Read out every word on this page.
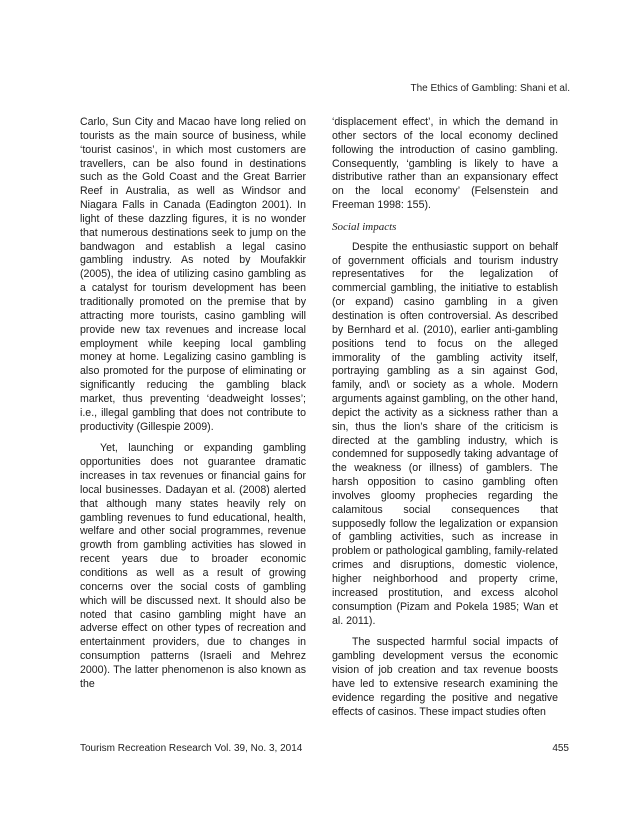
The Ethics of Gambling: Shani et al.

Carlo, Sun City and Macao have long relied on tourists as the main source of business, while ‘tourist casinos’, in which most customers are travellers, can be also found in destinations such as the Gold Coast and the Great Barrier Reef in Australia, as well as Windsor and Niagara Falls in Canada (Eadington 2001). In light of these dazzling figures, it is no wonder that numerous destinations seek to jump on the bandwagon and establish a legal casino gambling industry. As noted by Moufakkir (2005), the idea of utilizing casino gambling as a catalyst for tourism development has been traditionally promoted on the premise that by attracting more tourists, casino gambling will provide new tax revenues and increase local employment while keeping local gambling money at home. Legalizing casino gambling is also promoted for the purpose of eliminating or significantly reducing the gambling black market, thus preventing ‘deadweight losses’; i.e., illegal gambling that does not contribute to productivity (Gillespie 2009).

Yet, launching or expanding gambling opportunities does not guarantee dramatic increases in tax revenues or financial gains for local businesses. Dadayan et al. (2008) alerted that although many states heavily rely on gambling revenues to fund educational, health, welfare and other social programmes, revenue growth from gambling activities has slowed in recent years due to broader economic conditions as well as a result of growing concerns over the social costs of gambling which will be discussed next. It should also be noted that casino gambling might have an adverse effect on other types of recreation and entertainment providers, due to changes in consumption patterns (Israeli and Mehrez 2000). The latter phenomenon is also known as the

‘displacement effect’, in which the demand in other sectors of the local economy declined following the introduction of casino gambling. Consequently, ‘gambling is likely to have a distributive rather than an expansionary effect on the local economy’ (Felsenstein and Freeman 1998: 155).

Social impacts

Despite the enthusiastic support on behalf of government officials and tourism industry representatives for the legalization of commercial gambling, the initiative to establish (or expand) casino gambling in a given destination is often controversial. As described by Bernhard et al. (2010), earlier anti-gambling positions tend to focus on the alleged immorality of the gambling activity itself, portraying gambling as a sin against God, family, and\ or society as a whole. Modern arguments against gambling, on the other hand, depict the activity as a sickness rather than a sin, thus the lion’s share of the criticism is directed at the gambling industry, which is condemned for supposedly taking advantage of the weakness (or illness) of gamblers. The harsh opposition to casino gambling often involves gloomy prophecies regarding the calamitous social consequences that supposedly follow the legalization or expansion of gambling activities, such as increase in problem or pathological gambling, family-related crimes and disruptions, domestic violence, higher neighborhood and property crime, increased prostitution, and excess alcohol consumption (Pizam and Pokela 1985; Wan et al. 2011).

The suspected harmful social impacts of gambling development versus the economic vision of job creation and tax revenue boosts have led to extensive research examining the evidence regarding the positive and negative effects of casinos. These impact studies often

Tourism Recreation Research Vol. 39, No. 3, 2014	455
